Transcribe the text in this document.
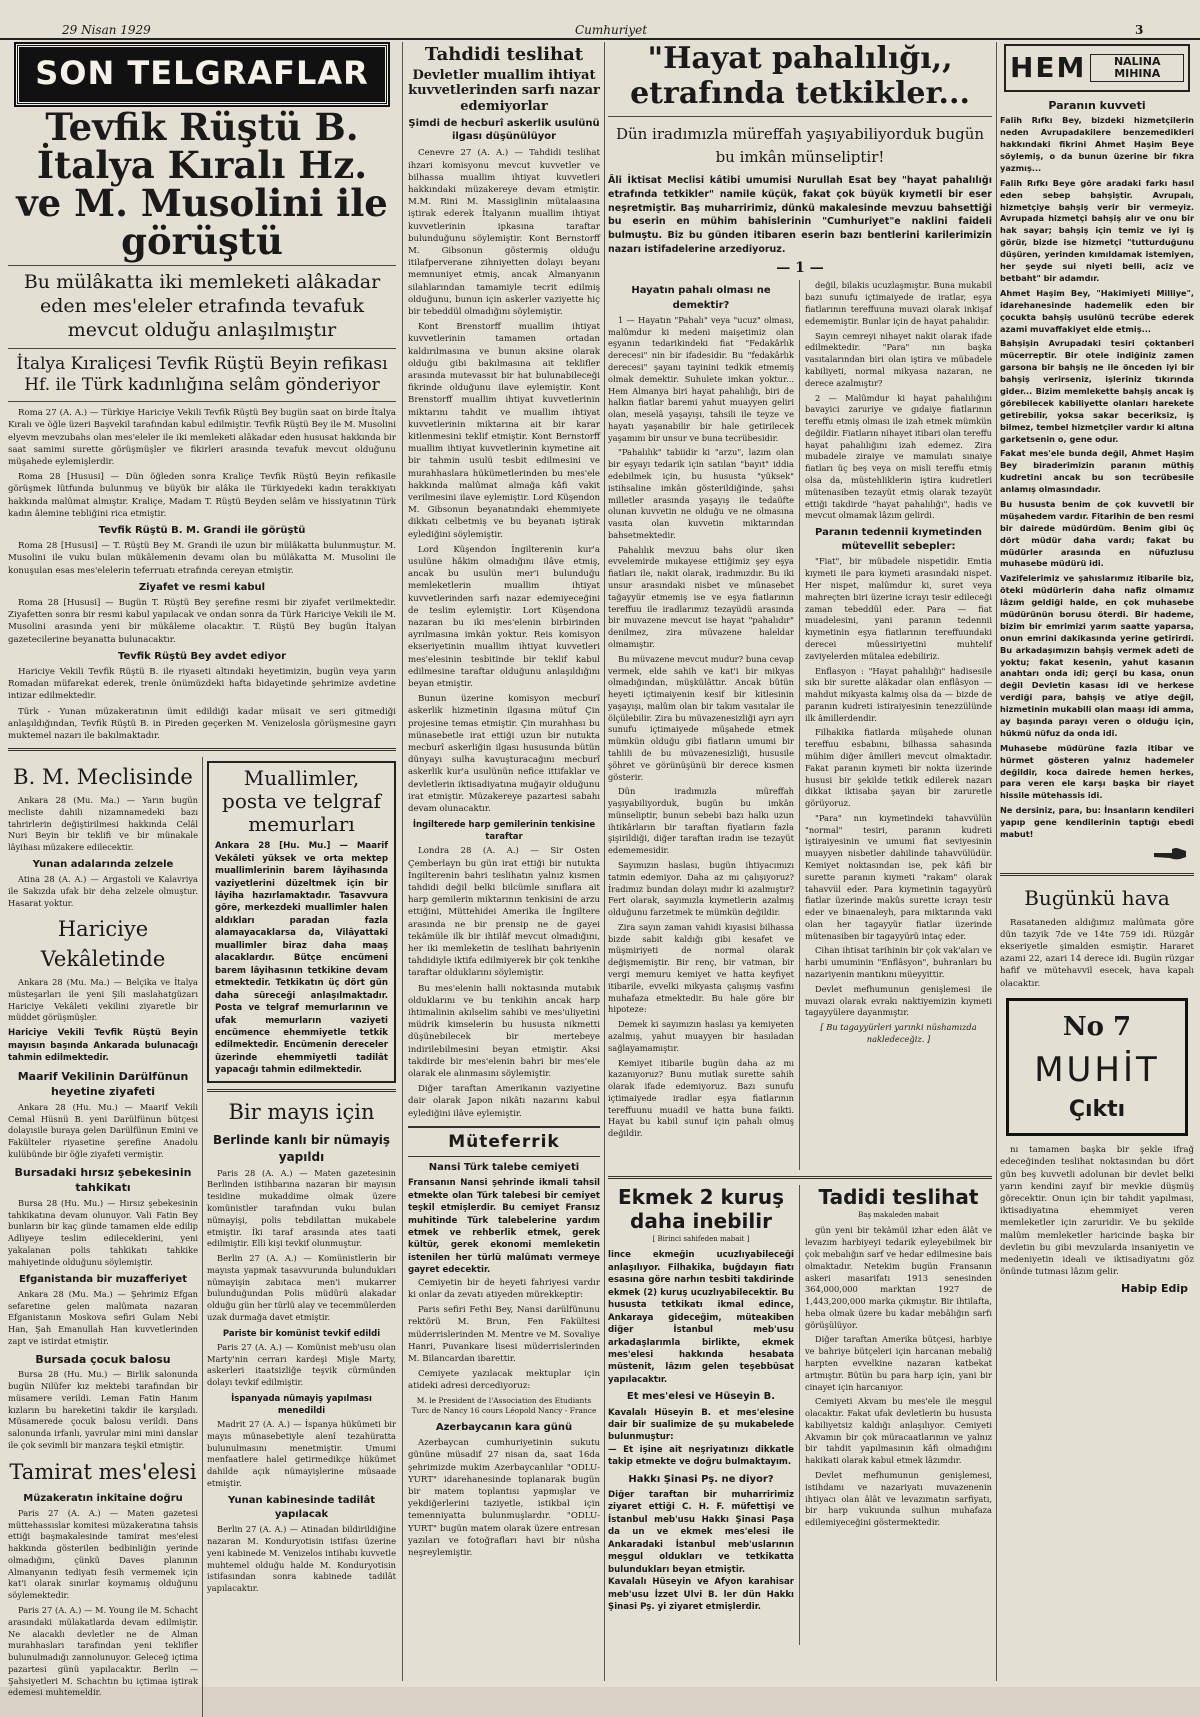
29 Nisan 1929	Cumhuriyet	3
SON TELGRAFLAR
Tevfik Rüştü B. İtalya Kıralı Hz. ve M. Musolini ile görüştü
Bu mülâkatta iki memleketi alâkadar eden mes'eleler etrafında tevafuk mevcut olduğu anlaşılmıştır
İtalya Kıraliçesi Tevfik Rüştü Beyin refikası Hf. ile Türk kadınlığına selâm gönderiyor

Roma 27 (A. A.) — Türkiye Hariciye Vekili Tevfik Rüştü Bey bugün saat on birde İtalya Kıralı ve öğle üzeri Başvekil tarafından kabul edilmiştir. Tevfik Rüştü Bey ile M. Musolini elyevm mevzubahs olan mes'eleler ile iki memleketi alâkadar eden hususat hakkında bir saat samimi surette görüşmüşler ve fikirleri arasında tevafuk mevcut olduğunu müşahede eylemişlerdir.

Roma 28 [Hususi] — Dün öğleden sonra Kraliçe Tevfik Rüştü Beyin refikasile görüşmek lûtfunda bulunmuş ve büyük bir alâka ile Türkiyedeki kadın terakkiyatı hakkında malûmat almıştır. Kraliçe, Madam T. Rüştü Beyden selâm ve hissiyatının Türk kadın âlemine tebliğini rica etmiştir.

Tevfik Rüştü B. M. Grandi ile görüştü

Roma 28 [Hususi] — T. Rüştü Bey M. Grandi ile uzun bir mülâkatta bulunmuştur. M. Musolini ile vuku bulan mükâlemenin devamı olan bu mülâkatta M. Musolini ile konuşulan esas mes'elelerin teferruatı etrafında cereyan etmiştir.

Ziyafet ve resmi kabul

Roma 28 [Hususi] — Bugün T. Rüştü Bey şerefine resmi bir ziyafet verilmektedir. Ziyafetten sonra bir resmi kabul yapılacak ve ondan sonra da Türk Hariciye Vekili ile M. Musolini arasında yeni bir mükâleme olacaktır. T. Rüştü Bey bugün İtalyan gazetecilerine beyanatta bulunacaktır.

Tevfik Rüştü Bey avdet ediyor

Hariciye Vekili Tevfik Rüştü B. ile riyaseti altındaki heyetimizin, bugün veya yarın Romadan müfarekat ederek, trenle önümüzdeki hafta bidayetinde şehrimize avdetine intizar edilmektedir.

Türk - Yunan müzakeratının ümit edildiği kadar müsait ve seri gitmediği anlaşıldığından, Tevfik Rüştü B. in Pireden geçerken M. Venizelosla görüşmesine gayrı muktemel nazarı ile bakılmaktadır.

B. M. Meclisinde

Ankara 28 (Mu. Ma.) — Yarın bugün mecliste dahili nizamnamedeki bazı tahrirlerin değiştirilmesi hakkında Celâl Nuri Beyin bir teklifi ve bir münakale lâyihası müzakere edilecektir.

Yunan adalarında zelzele

Atina 28 (A. A.) — Argastoli ve Kalavriya ile Sakızda ufak bir deha zelzele olmuştur. Hasarat yoktur.

Hariciye Vekâletinde

Ankara 28 (Mu. Ma.) — Belçika ve İtalya müsteşarları ile yeni Şili maslahatgüzarı Hariciye Vekâleti vekilini ziyaretle bir müddet görüşmüşler.

Hariciye Vekili Tevfik Rüştü Beyin mayısın başında Ankarada bulunacağı tahmin edilmektedir.
Maarif Vekilinin Darülfünun heyetine ziyafeti

Ankara 28 (Hu. Mu.) — Maarif Vekili Cemal Hüsnü B. yeni Darülfünun bütçesi dolayısile buraya gelen Darülfünun Emini ve Fakülteler riyasetine şerefine Anadolu kulübünde bir öğle ziyafeti vermiştir.

Bursadaki hırsız şebekesinin tahkikatı

Bursa 28 (Hu. Mu.) — Hırsız şebekesinin tahkikatına devam olunuyor. Vali Fatin Bey bunların bir kaç günde tamamen elde edilip Adliyeye teslim edileceklerini, yeni yakalanan polis tahkikatı tahkike mahiyetinde olduğunu söylemiştir.

Efganistanda bir muzafferiyet

Ankara 28 (Mu. Ma.) — Şehrimiz Efgan sefaretine gelen malûmata nazaran Efganistanın Moskova sefiri Gulam Nebi Han, Şah Emanullah Han kuvvetlerinden zapt ve istirdat etmiştir.

Bursada çocuk balosu

Bursa 28 (Hu. Mu.) — Birlik salonunda bugün Nilüfer kız mektebi tarafından bir müsamere verildi. Leman Fatin Hanım kızların bu hareketini takdir ile karşıladı. Müsamerede çocuk balosu verildi. Dans salonunda irfanlı, yavrular mini mini danslar ile çok sevimli bir manzara teşkil etmiştir.

Tamirat mes'elesi
Müzakeratın inkitaine doğru

Paris 27 (A. A.) — Maten gazetesi müttehassıslar komitesi müzakeratına tahsis ettiği başmakalesinde tamirat mes'elesi hakkında gösterilen bedbinliğin yerinde olmadığını, çünkü Daves planının Almanyanın tediyatı fesih vermemek için kat'i olarak sınırlar koymamış olduğunu söylemektedir.

Paris 27 (A. A.) — M. Young ile M. Schacht arasındaki mülakatlarda devam edilmiştir. Ne alacaklı devletler ne de Alman murahhasları tarafından yeni teklifler bulunulmadığı zannolunuyor. Geleceğ içtima pazartesi günü yapılacaktır. Berlin — Şahsiyetleri M. Schachtın bu içtimaa iştirak edemesi muhtemeldir.

Muallimler, posta ve telgraf memurları
Ankara 28 [Hu. Mu.] — Maarif Vekâleti yüksek ve orta mektep muallimlerinin barem lâyihasında vaziyetlerini düzeltmek için bir lâyiha hazırlamaktadır. Tasavvura göre, merkezdeki muallimler halen aldıkları paradan fazla alamayacaklarsa da, Vilâyattaki muallimler biraz daha maaş alacaklardır. Bütçe encümeni barem lâyihasının tetkikine devam etmektedir. Tetkikatın üç dört gün daha süreceği anlaşılmaktadır. Posta ve telgraf memurlarının ve ufak memurların vaziyeti encümence ehemmiyetle tetkik edilmektedir. Encümenin dereceler üzerinde ehemmiyetli tadilât yapacağı tahmin edilmektedir.
Bir mayıs için
Berlinde kanlı bir nümayiş yapıldı

Paris 28 (A. A.) — Maten gazetesinin Berlinden istihbarına nazaran bir mayısın tesidine mukaddime olmak üzere komünistler tarafından vuku bulan nümayişi, polis tebdilattan mukabele etmiştir. İki taraf arasında ates taati edilmiştir. Elli kişi tevkif olunmuştur.

Berlin 27 (A. A.) — Komünistlerin bir mayısta yapmak tasavvurunda bulundukları nümayişin zabıtaca men'i mukarrer bulunduğundan Polis müdürü alakadar olduğu gün her türlü alay ve tecemmülerden uzak durmağa davet etmiştir.

Pariste bir komünist tevkif edildi

Paris 27 (A. A.) — Komünist meb'usu olan Marty'nin cerrarı kardeşi Mişle Marty, askerleri itaatsizliğe teşvik cürmünden dolayı tevkif edilmiştir.

İspanyada nümayiş yapılması menedildi

Madrit 27 (A. A.) — İspanya hükümeti bir mayıs münasebetiyle alenî tezahüratta bulunulmasını menetmiştir. Umumi menfaatlere halel getirmedikçe hükümet dahilde açık nümayişlerine müsaade etmiştir.

Yunan kabinesinde tadilât yapılacak

Berlin 27 (A. A.) — Atinadan bildirildiğine nazaran M. Konduryotisin istifası üzerine yeni kabinede M. Venizelos intihabı kuvvetle muhtemel olduğu halde M. Konduryotisin istifasından sonra kabinede tadilât yapılacaktır.

Tahdidi teslihat
Devletler muallim ihtiyat kuvvetlerinden sarfı nazar edemiyorlar
Şimdi de hecburî askerlik usulünü ilgası düşünülüyor

Cenevre 27 (A. A.) — Tahdidi teslihat ihzari komisyonu mevcut kuvvetler ve bilhassa muallim ihtiyat kuvvetleri hakkındaki müzakereye devam etmiştir. M.M. Rini M. Massiglinin mütalaasına iştirak ederek İtalyanın muallim ihtiyat kuvvetlerinin ipkasına taraftar bulunduğunu söylemiştir. Kont Bernstorff M. Gibsonun göstermiş olduğu itilafperverane zihniyetten dolayı beyanı memnuniyet etmiş, ancak Almanyanın silahlarından tamamiyle tecrit edilmiş olduğunu, bunun için askerler vaziyette hiç bir tebeddül olmadığını söylemiştir.

Kont Brenstorff muallim ihtiyat kuvvetlerinin tamamen ortadan kaldırılmasına ve bunun aksine olarak olduğu gibi bakılmasına ait teklifler arasında mutevassıt bir hat bulunabileceği fikrinde olduğunu ilave eylemiştir. Kont Brenstorff muallim ihtiyat kuvvetlerinin miktarını tahdit ve muallim ihtiyat kuvvetlerinin miktarına ait bir karar kitlenmesini teklif etmiştir. Kont Bernstorff muallim ihtiyat kuvvetlerinin kıymetine ait bir tahmin usulü tesbit edilmesini ve murahhaslara hükümetlerinden bu mes'ele hakkında malûmat almağa kâfi vakit verilmesini ilave eylemiştir. Lord Küşendon M. Gibsonun beyanatındaki ehemmiyete dikkatı celbetmiş ve bu beyanatı iştirak eylediğini söylemiştir.

Lord Küşendon İngilterenin kur'a usulüne hâkim olmadığını ilâve etmiş, ancak bu usulün mer'i bulunduğu memleketlerin muallim ihtiyat kuvvetlerinden sarfı nazar edemiyeceğini de teslim eylemiştir. Lort Küşendona nazaran bu iki mes'elenin birbirinden ayrılmasına imkân yoktur. Reis komisyon ekseriyetinin muallim ihtiyat kuvvetleri mes'elesinin tesbitinde bir teklif kabul edilmesine taraftar olduğunu anlaşıldığını beyan etmiştir.

Bunun üzerine komisyon mecburî askerlik hizmetinin ilgasına mütuf Çin projesine temas etmiştir. Çin murahhası bu münasebetle irat ettiği uzun bir nutukta mecburî askerliğin ilgası hususunda bütün dünyayı sulha kavuşturacağını mecburî askerlik kur'a usulünün nefice ittifaklar ve devletlerin iktisadiyatına muğayir olduğunu irat etmiştir. Müzakereye pazartesi sabahı devam olunacaktır.

İngilterede harp gemilerinin tenkisine taraftar

Londra 28 (A. A.) — Sir Osten Çemberlayn bu gün irat ettiği bir nutukta İngilterenin bahri teslihatın yalnız kısmen tahdidi değil belki bilcümle sınıflara ait harp gemilerin miktarının tenkisini de arzu ettiğini, Müttehidei Amerika ile İngiltere arasında ne bir prensip ne de gayei tekâmüle ilk bir ihtilâf mevcut olmadığını, her iki memleketin de teslihatı bahriyenin tahdidiyle iktifa edilmiyerek bir çok tenkihe taraftar olduklarını söylemiştir.

Bu mes'elenin halli noktasında mutabık olduklarını ve bu tenkihin ancak harp ihtimalinin akılselim sahibi ve mes'uliyetini müdrik kimselerin bu hususta nikmetti düşünebilecek bir mertebeye indirilebilmesini beyan etmiştir. Aksi takdirde bir mes'elenin bahri bir mes'ele olarak ele alınmasını söylemiştir.

Diğer taraftan Amerikanın vaziyetine dair olarak Japon nikâtı nazarını kabul eylediğini ilâve eylemiştir.

Müteferrik
Nansi Türk talebe cemiyeti
Fransanın Nansi şehrinde ikmali tahsil etmekte olan Türk talebesi bir cemiyet teşkil etmişlerdir. Bu cemiyet Fransız muhitinde Türk talebelerine yardım etmek ve rehberlik etmek, gerek kültür, gerek ekonomi memleketin istenilen her türlü malûmatı vermeye gayret edecektir.

Cemiyetin bir de heyeti fahriyesi vardır ki onlar da zevatı atiyeden mürekkeptir:

Paris sefiri Fethi Bey, Nansi darülfünunu rektörü M. Brun, Fen Fakültesi müderrislerinden M. Mentre ve M. Sovaliye Hanri, Puvankare lisesi müderrislerinden M. Bilancardan ibarettir.

Cemiyete yazılacak mektuplar için atideki adresi dercediyoruz:

M. le President de l'Association des Etudiants Turc de Nancy 16 cours Léopold Nancy - France

Azerbaycanın kara günü

Azerbaycan cumhuriyetinin sukutu gününe müsadif 27 nisan da, saat 16da şehrimizde mukim Azerbaycanlılar "ODLU-YURT" idarehanesinde toplanarak bugün bir matem toplantısı yapmışlar ve yekdiğerlerini taziyetle, istikbal için temenniyatta bulunmuşlardır. "ODLU-YURT" bugün matem olarak üzere entresan yazıları ve fotoğrafları havi bir nüsha neşreylemiştir.

"Hayat pahalılığı,, etrafında tetkikler...
Dün iradımızla müreffah yaşıyabiliyorduk bugün bu imkân münseliptir!
Âli İktisat Meclisi kâtibi umumisi Nurullah Esat bey "hayat pahalılığı etrafında tetkikler" namile küçük, fakat çok büyük kıymetli bir eser neşretmiştir. Baş muharririmiz, dünkü makalesinde mevzuu bahsettiği bu eserin en mühim bahislerinin "Cumhuriyet"e naklini faideli bulmuştu. Biz bu günden itibaren eserin bazı bentlerini karilerimizin nazarı istifadelerine arzediyoruz.
— 1 —
Hayatın pahalı olması ne demektir?

1 — Hayatın "Pahalı" veya "ucuz" olması, malûmdur ki medeni maişetimiz olan eşyanın tedarikindeki fiat "Fedakârlık derecesi" nin bir ifadesidir. Bu "fedakârlık derecesi" şayanı tayinini tedkik etmemiş olmak demektir. Suhulete imkan yoktur... Hem Almanya biri hayat pahalılığı, biri de halkın fiatlar baremi yahut muayyen geliri olan, meselâ yaşayışı, tahsili ile teyze ve hayatı yaşanabilir bir hale getirilecek yaşamını bir unsur ve buna tecrübesidir.

"Pahalılık" tabiidir ki "arzu", lazım olan bir eşyayı tedarik için satılan "bayıt" iddia edebilmek için, bu hususta "yüksek" istihsaline imkân gösterildiğinde, şahsı milletler arasında yaşayış ile tedaüfte olunan kuvvetin ne olduğu ve ne olmasına vasıta olan kuvvetin miktarından bahsetmektedir.

Pahalılık mevzuu bahs olur iken evvelemirde mukayese ettiğimiz şey eşya fiatları ile, nakit olarak, iradımızdır. Bu iki unsur arasındaki nisbet ve münasebet tağayyür etmemiş ise ve eşya fiatlarının tereffuu ile iradlarımız tezayüdü arasında bir muvazene mevcut ise hayat "pahalıdır" denilmez, zira müvazene haleldar olmamıştır.

Bu müvazene mevcut mudur? buna cevap vermek, elde sahih ve kat'i bir mikyas olmadığından, müşkülâttır. Ancak bütün heyeti içtimaiyenin kesif bir kitlesinin yaşayışı, malûm olan bir takım vasıtalar ile ölçülebilir. Zira bu müvazenesizliği ayrı ayrı sunufu içtimaiyede müşahede etmek mümkün olduğu gibi fiatların umumi bir tahlili de bu müvazenesizliği, hususile şöhret ve görünüşünü bir derece kısmen gösterir.

Dün iradımızla müreffah yaşıyabiliyorduk, bugün bu imkân münseliptir, bunun sebebi bazı halkı uzun ihtikârların bir taraftan fiyatların fazla şişirildiği, diğer taraftan iradın ise tezayüt edememesidir.

Sayımızın haslası, bugün ihtiyacımızı tatmin edemiyor. Daha az mı çalışıyoruz? İradımız bundan dolayı mıdır ki azalmıştır? Fert olarak, sayımızla kıymetlerin azalmış olduğunu farzetmek te mümkün değildir.

Zira sayın zaman vahidi kıyasisi bilhassa bizde sabit kaldığı gibi kesafet ve müşmiriyeti de normal olarak değişmemiştir. Bir renç, bir vatman, bir vergi memuru kemiyet ve hatta keyfiyet itibarile, evvelki mikyasta çalışmış vasfını muhafaza etmektedir. Bu hale göre bir hipoteze:

Demek ki sayımızın haslası ya kemiyeten azalmış, yahut muayyen bir hasıladan sağlayamamıştır.

Kemiyet itibarile bugün daha az mı kazanıyoruz? Bunu mutlak surette sahih olarak ifade edemiyoruz. Bazı sunufu içtimaiyede iradlar eşya fiatlarının tereffuunu muadil ve hatta buna faikti. Hayat bu kabil sunuf için pahalı olmuş değildir.

değil, bilakis ucuzlaşmıştır. Buna mukabil bazı sunufu içtimaiyede de iratlar, eşya fiatlarının tereffuuna muvazi olarak inkişaf edememiştir. Bunlar için de hayat pahalıdır.

Sayın cemreyi nihayet nakit olarak ifade edilmektedir. "Para" nın başka vasıtalarından biri olan iştira ve mübadele kabiliyeti, normal mikyasa nazaran, ne derece azalmıştır?

2 — Malûmdur ki hayat pahalılığını bavayici zaruriye ve gıdaiye fiatlarının tereffu etmiş olması ile izah etmek mümkün değildir. Fiatların nihayet itibari olan tereffu hayat pahalılığını izah edemez. Zira mubadele ziraiye ve mamulatı sınaiye fiatları üç beş veya on misli tereffu etmiş olsa da, müstehliklerin iştira kudretleri mütenasiben tezayüt etmiş olarak tezayüt ettiği takdirde "hayat pahalılığı", hadis ve mevcut olmamak lâzım gelirdi.

Paranın tedennii kıymetinden mütevellit sebepler:

"Fiat", bir mübadele nispetidir. Emtia kıymeti ile para kıymeti arasındaki nispet. Her nispet, malûmdur ki, suret veya mahreçten biri üzerine icrayı tesir edileceği zaman tebeddül eder. Para — fiat muadelesini, yani paranın tedennii kıymetinin eşya fiatlarının tereffuundaki derecei müessiriyetini muhtelif zaviyelerden mütalea edebiliriz.

Enflasyon : "Hayat pahalılığı" hadisesile sıkı bir surette alâkadar olan enflâsyon — mahdut mikyasta kalmış olsa da — bizde de paranın kudreti istiraiyesinin tenezzülünde ilk âmillerdendir.

Filhakika fiatlarda müşahede olunan tereffuu esbabını, bilhassa sahasında mühim diğer âmilleri mevcut olmaktadır. Fakat paranın kıymeti bir nokta üzerinde hususi bir şekilde tetkik edilerek nazarı dikkat iktisaba şayan bir zaruretle görüyoruz.

"Para" nın kıymetindeki tahavvülün "normal" tesiri, paranın kudreti iştiraiyesinin ve umumi fiat seviyesinin muayyen nisbetler dahilinde tahavvülüdür. Kemiyet noktasından ise, pek kâfi bir surette paranın kıymeti "rakam" olarak tahavvül eder. Para kıymetinin tagayyürü fiatlar üzerinde makûs surette icrayı tesir eder ve binaenaleyh, para miktarında vaki olan her tagayyür fiatlar üzerinde mütenasiben bir tagayyürü intaç eder.

Cihan ihtisat tarihinin bir çok vak'aları ve harbi umuminin "Enflâsyon", buhranları bu nazariyenin mantıkını müeyyittir.

Devlet mefhumunun genişlemesi ile muvazi olarak evrakı naktiyemizin kıymeti tagayyülere dayanmıştır.

[ Bu tagayyürleri yarınki nüshamızda nakledeceğiz. ]

Ekmek 2 kuruş daha inebilir
[ Birinci sahifeden mabait ]
lince ekmeğin ucuzlıyabileceği anlaşılıyor. Filhakika, buğdayın fiatı esasına göre narhın tesbiti takdirinde ekmek (2) kuruş ucuzlıyabilecektir. Bu hususta tetkikatı ikmal edince, Ankaraya gideceğim, müteakiben diğer İstanbul meb'usu arkadaşlarımla birlikte, ekmek mes'elesi hakkında hesabata müstenit, lâzım gelen teşebbüsat yapılacaktır.
Et mes'elesi ve Hüseyin B.
Kavalalı Hüseyin B. et mes'elesine dair bir sualimize de şu mukabelede bulunmuştur:
— Et işine ait neşriyatınızı dikkatle takip etmekte ve doğru bulmaktayım.
Hakkı Şinasi Pş. ne diyor?
Diğer taraftan bir muharririmiz ziyaret ettiği C. H. F. müfettişi ve İstanbul meb'usu Hakkı Şinasi Paşa da un ve ekmek mes'elesi ile Ankaradaki İstanbul meb'uslarının meşgul oldukları ve tetkikatta bulundukları beyan etmiştir.
Kavalalı Hüseyin ve Afyon karahisar meb'usu İzzet Ulvi B. ler dün Hakkı Şinasi Pş. yi ziyaret etmişlerdir.
Tadidi teslihat
Baş makaleden mabait

gün yeni bir tekâmül izhar eden âlât ve levazım harbiyeyi tedarik eyleyebilmek bir çok mebalığın sarf ve hedar edilmesine bais olmaktadır. Netekim bugün Fransanın askeri masarifatı 1913 senesinden 364,000,000 marktan 1927 de 1,443,200,000 marka çıkmıştır. Bir ihtilafta, heba olmak üzere bu kadar mebâlığın sarfı görüşülüyor.

Diğer taraftan Amerika bütçesi, harbiye ve bahriye bütçeleri için harcanan mebaliğ harpten evvelkine nazaran katbekat artmıştır. Bütün bu para harp için, yani bir cinayet için harcanıyor.

Cemiyeti Akvam bu mes'ele ile meşgul olacaktır. Fakat ufak devletlerin bu hususta kabiliyetsiz kaldığı anlaşılıyor. Cemiyeti Akvamın bir çok müracaatlarının ve yalnız bir tahdit yapılmasının kâfi olmadığını hakikati olarak kabul etmek lâzımdır.

Devlet mefhumunun genişlemesi, istihdamı ve nazariyatı muvazenenin ihtiyacı olan âlât ve levazımatın sarfiyatı, bir harp vukuunda sulhun muhafaza edilemiyeceğini göstermektedir.

HEM	NALINA MIHINA
Paranın kuvveti
Falih Rıfkı Bey, bizdeki hizmetçilerin neden Avrupadakilere benzemedikleri hakkındaki fikrini Ahmet Haşim Beye söylemiş, o da bunun üzerine bir fıkra yazmış...
Falih Rıfkı Beye göre aradaki farkı hasıl eden sebep bahşiştir. Avrupalı, hizmetçiye bahşiş verir bir vermeyiz. Avrupada hizmetçi bahşiş alır ve onu bir hak sayar; bahşiş için temiz ve iyi iş görür, bizde ise hizmetçi "tutturduğunu düşüren, yerinden kımıldamak istemiyen, her şeyde sui niyeti belli, aciz ve betbaht" bir adamdır.
Ahmet Haşim Bey, "Hakimiyeti Milliye", idarehanesinde hademelik eden bir çocukta bahşiş usulünü tecrübe ederek azami muvaffakiyet elde etmiş...
Bahşişin Avrupadaki tesiri çoktanberi mücerreptir. Bir otele indiğiniz zamen garsona bir bahşiş ne ile önceden iyi bir bahşiş verirseniz, işleriniz tıkırında gider... Bizim memlekette bahşiş ancak iş görebilecek kabiliyette olanları harekete getirebilir, yoksa sakar beceriksiz, iş bilmez, tembel hizmetçiler vardır ki altına garketsenin o, gene odur.
Fakat mes'ele bunda değil, Ahmet Haşim Bey biraderimizin paranın müthiş kudretini ancak bu son tecrübesile anlamış olmasındadır.
Bu hususta benim de çok kuvvetli bir müşahedem vardır. Fitarihin de ben resmi bir dairede müdürdüm. Benim gibi üç dört müdür daha vardı; fakat bu müdürler arasında en nüfuzlusu muhasebe müdürü idi.
Vazifelerimiz ve şahıslarımız itibarile biz, öteki müdürlerin daha nafiz olmamız lâzım geldiği halde, en çok muhasebe müdürünün borusu öterdi. Bir hademe, bizim bir emrimizi yarım saatte yaparsa, onun emrini dakikasında yerine getirirdi. Bu arkadaşımızın bahşiş vermek adeti de yoktu; fakat kesenin, yahut kasanın anahtarı onda idi; gerçi bu kasa, onun değil Devletin kasası idi ve herkese verdiği para, bahşiş ve atiye değil, hizmetinin mukabili olan maaşı idi amma, ay başında parayı veren o olduğu için, hükmü nüfuz da onda idi.
Muhasebe müdürüne fazla itibar ve hürmet gösteren yalnız hademeler değildir, koca dairede hemen herkes, para veren ele karşı başka bir riayet hissile mütehassis idi.
Ne dersiniz, para, bu: İnsanların kendileri yapıp gene kendilerinin taptığı ebedi mabut!
Bugünkü hava

Rasataneden aldığımız malûmata göre dün tazyik 7de ve 14te 759 idi. Rüzgâr ekseriyetle şimalden esmiştir. Hararet azami 22, azari 14 derece idi. Bugün rüzgar hafif ve mütehavvil esecek, hava kapalı olacaktır.

No 7
MUHİT
Çıktı

nı tamamen başka bir şekle ifrağ edeceğinden teslihat noktasından bu dört gün beş kuvvetli adolunan bir devlet belki yarın kendini zayıf bir mevkie düşmüş görecektir. Onun için bir tahdit yapılması, iktisadiyatına ehemmiyet veren memleketler için zaruridir. Ve bu şekilde malûm memleketler haricinde başka bir devletin bu gibi mevzularda insaniyetin ve medeniyetin ideali ve iktisadiyatını göz önünde tutması lâzım gelir.

Habip Edip
